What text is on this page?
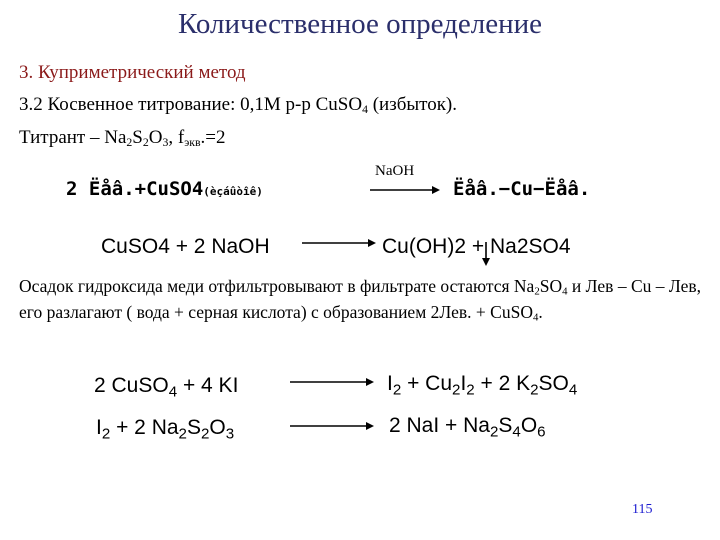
Количественное определение
3. Куприметрический метод
3.2 Косвенное титрование: 0,1М р-р CuSO$_4$ (избыток).
Титрант – $Na_2S_2O_3$, $f_{экв}.=2$
2 Ëåâ.+CuSO4(èçáûòîê)
NaOH
Ëåâ.−Cu−Ëåâ.
CuSO4 + 2 NaOH	Cu(OH)2 + Na2SO4
Осадок гидроксида меди отфильтровывают в фильтрате остаются $Na_2SO_4$ и Лев – Cu – Лев, его разлагают ( вода + серная кислота) с образованием 2Лев. + CuSO$_4$.
2 CuSO$_4$ + 4 KI	$I_2 + Cu_2I_2 + 2$ $K_2SO_4$
$I_2 + 2$ $Na_2S_2O_3$	2 NaI + $Na_2S_4O_6$
115
